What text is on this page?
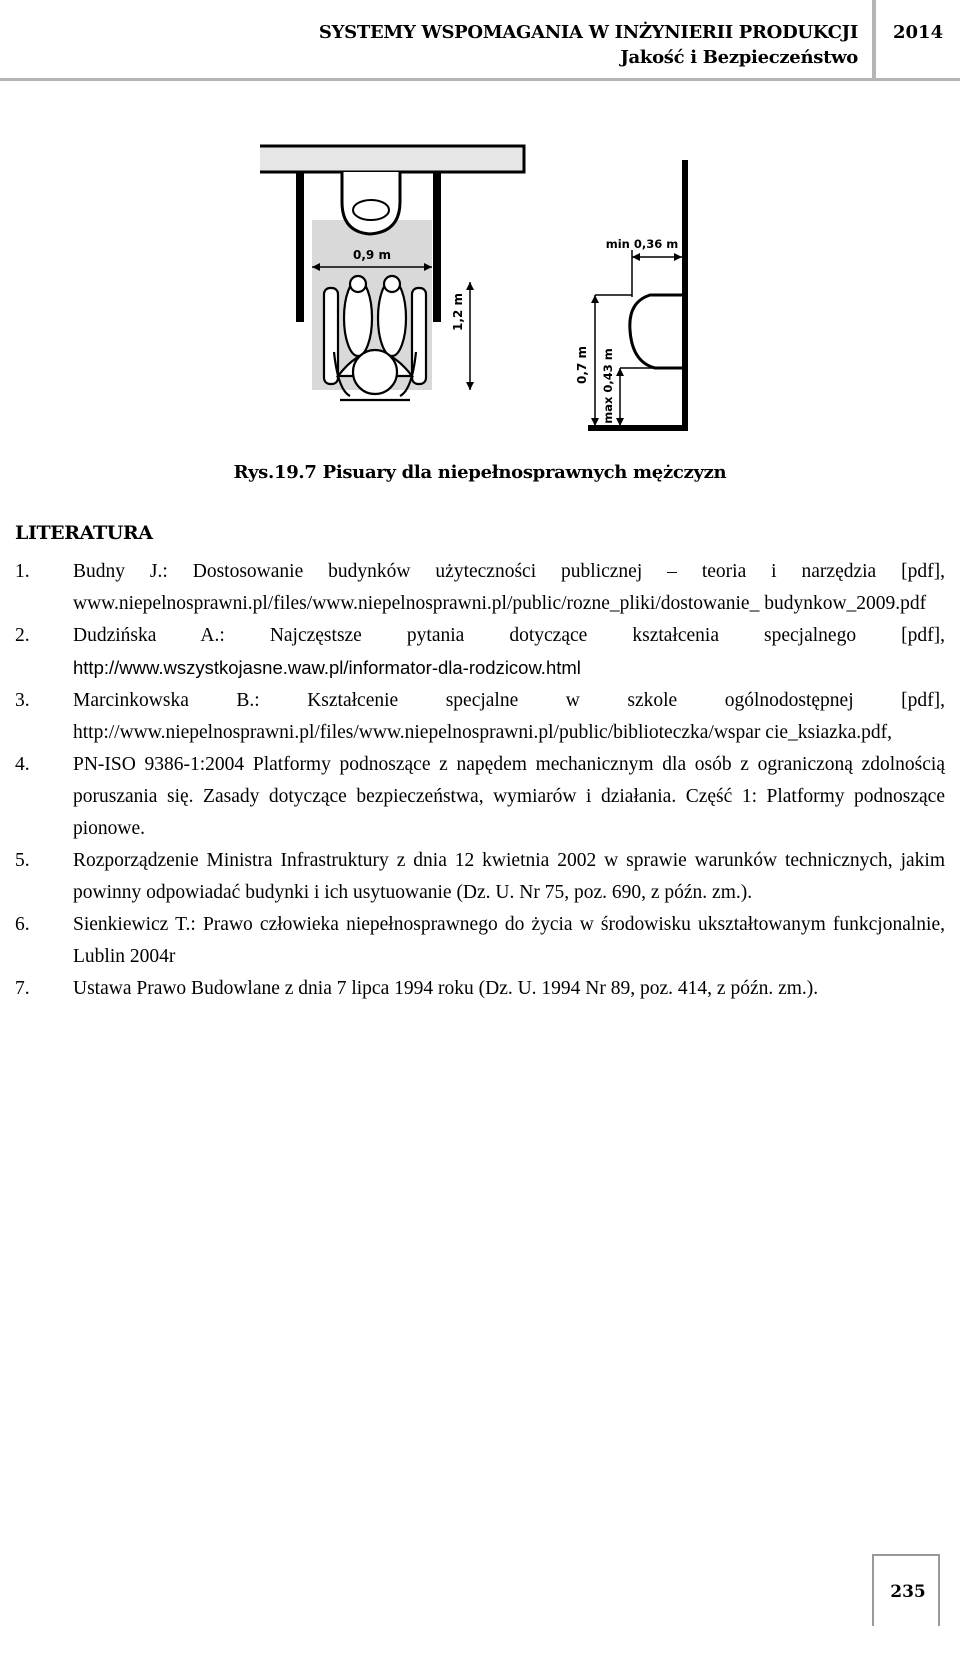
SYSTEMY WSPOMAGANIA W INŻYNIERII PRODUKCJI
Jakość i Bezpieczeństwo
2014
0,9 m
1,2 m
min 0,36 m
0,7 m max 0,43 m
Rys.19.7 Pisuary dla niepełnosprawnych mężczyzn
LITERATURA
1. Budny J.: Dostosowanie budynków użyteczności publicznej – teoria i narzędzia [pdf], www.niepelnosprawni.pl/files/www.niepelnosprawni.pl/public/rozne_pliki/dostowanie_ budynkow_2009.pdf
2. Dudzińska A.: Najczęstsze pytania dotyczące kształcenia specjalnego [pdf], http://www.wszystkojasne.waw.pl/informator-dla-rodzicow.html
3. Marcinkowska B.: Kształcenie specjalne w szkole ogólnodostępnej [pdf], http://www.niepelnosprawni.pl/files/www.niepelnosprawni.pl/public/biblioteczka/wspar cie_ksiazka.pdf,
4. PN-ISO 9386-1:2004 Platformy podnoszące z napędem mechanicznym dla osób z ograniczoną zdolnością poruszania się. Zasady dotyczące bezpieczeństwa, wymiarów i działania. Część 1: Platformy podnoszące pionowe.
5. Rozporządzenie Ministra Infrastruktury z dnia 12 kwietnia 2002 w sprawie warunków technicznych, jakim powinny odpowiadać budynki i ich usytuowanie (Dz. U. Nr 75, poz. 690, z późn. zm.).
6. Sienkiewicz T.: Prawo człowieka niepełnosprawnego do życia w środowisku ukształtowanym funkcjonalnie, Lublin 2004r
7. Ustawa Prawo Budowlane z dnia 7 lipca 1994 roku (Dz. U. 1994 Nr 89, poz. 414, z późn. zm.).
235
